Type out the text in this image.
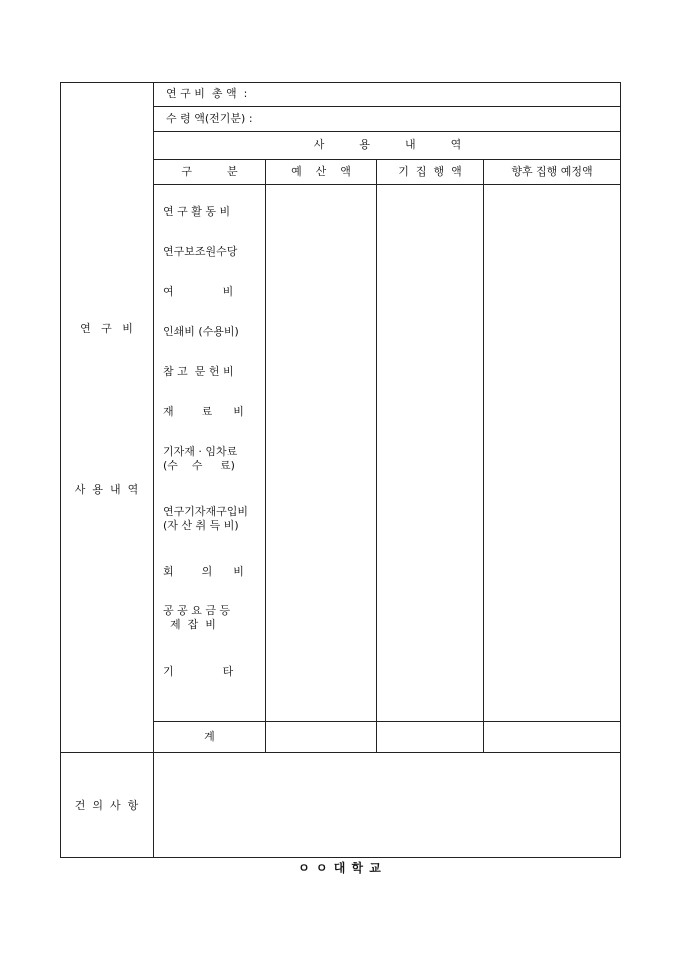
연 구 비  총 액  :
수 령 액(전기분) :
사          용          내          역
구          분	예    산    액	기  집  행  액	향후 집행 예정액
연   구   비
사  용  내  역
건  의  사  항
연 구 활 동 비
연구보조원수당
여              비
인쇄비 (수용비)
참 고  문 헌 비
재        료      비
기자재 · 임차료
(수    수     료)
연구기자재구입비
(자 산 취 득 비)
회        의      비
공 공 요 금 등
제  잡  비
기              타
계
ㅇ ㅇ 대 학 교
